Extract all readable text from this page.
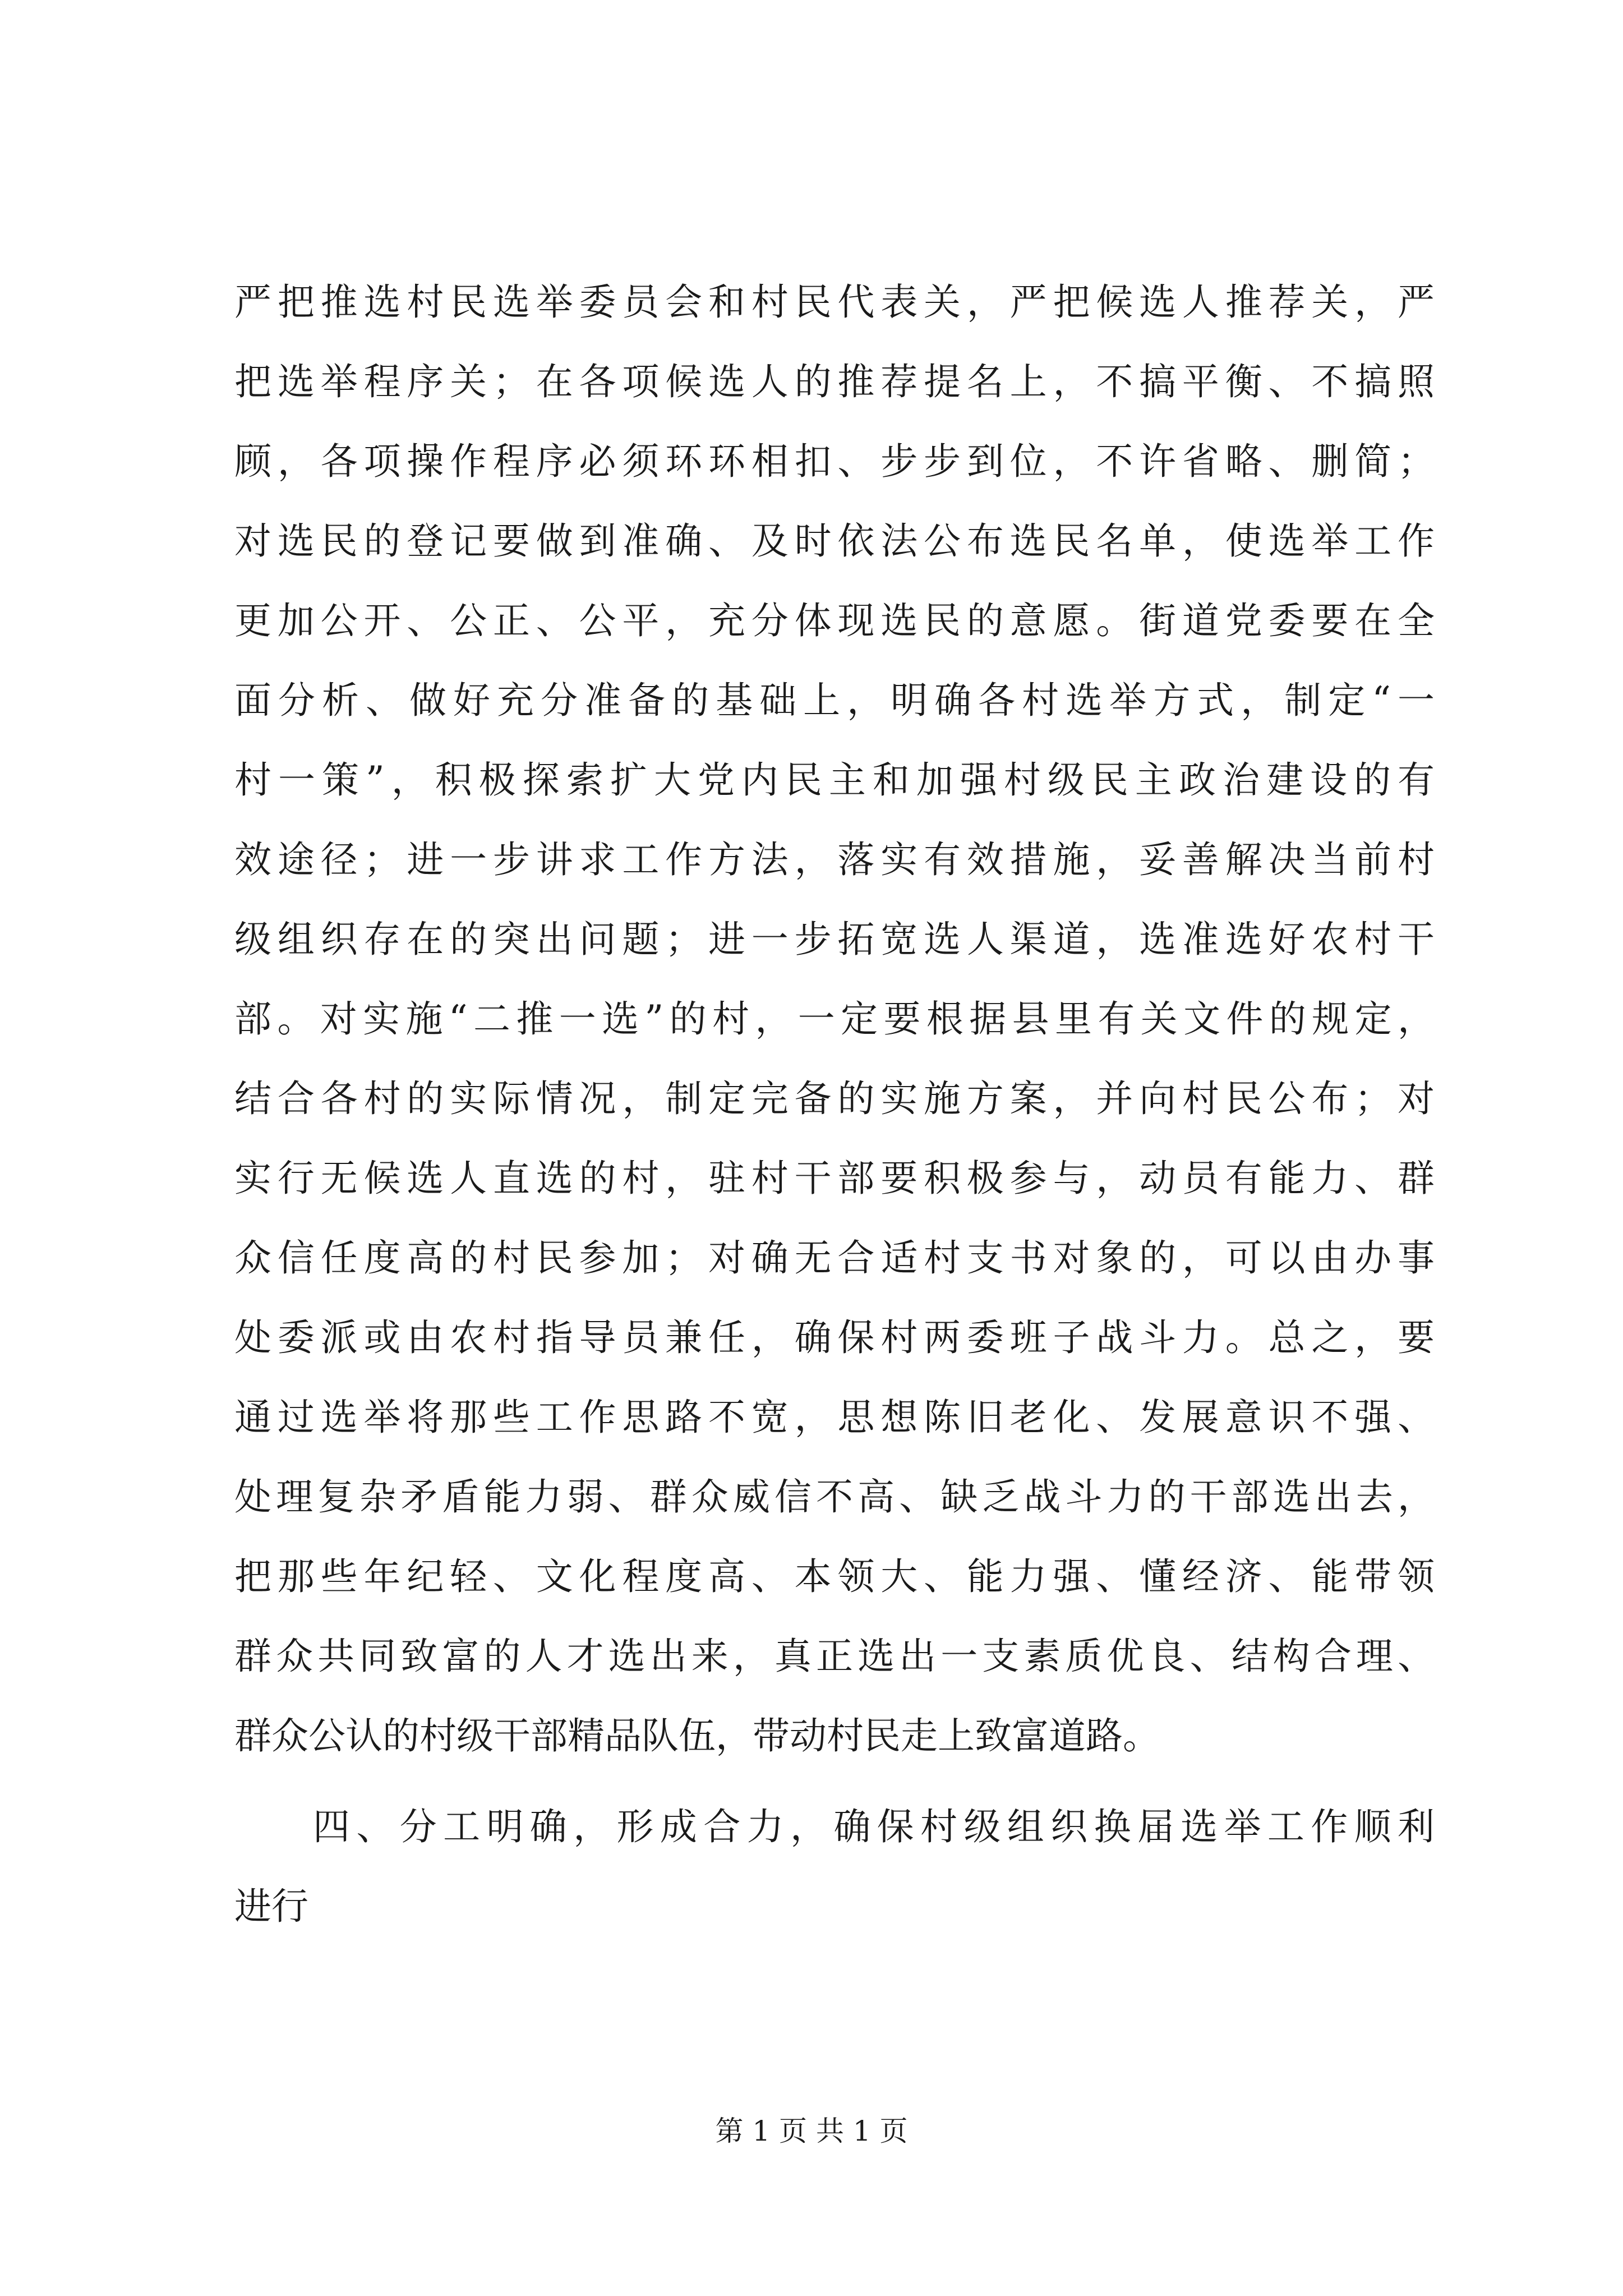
严把推选村民选举委员会和村民代表关，严把候选人推荐关，严
把选举程序关；在各项候选人的推荐提名上，不搞平衡、不搞照
顾，各项操作程序必须环环相扣、步步到位，不许省略、删简；
对选民的登记要做到准确、及时依法公布选民名单，使选举工作
更加公开、公正、公平，充分体现选民的意愿。街道党委要在全
面分析、做好充分准备的基础上，明确各村选举方式，制定“一
村一策”，积极探索扩大党内民主和加强村级民主政治建设的有
效途径；进一步讲求工作方法，落实有效措施，妥善解决当前村
级组织存在的突出问题；进一步拓宽选人渠道，选准选好农村干
部。对实施“二推一选”的村，一定要根据县里有关文件的规定，
结合各村的实际情况，制定完备的实施方案，并向村民公布；对
实行无候选人直选的村，驻村干部要积极参与，动员有能力、群
众信任度高的村民参加；对确无合适村支书对象的，可以由办事
处委派或由农村指导员兼任，确保村两委班子战斗力。总之，要
通过选举将那些工作思路不宽，思想陈旧老化、发展意识不强、
处理复杂矛盾能力弱、群众威信不高、缺乏战斗力的干部选出去，
把那些年纪轻、文化程度高、本领大、能力强、懂经济、能带领
群众共同致富的人才选出来，真正选出一支素质优良、结构合理、
群众公认的村级干部精品队伍，带动村民走上致富道路。
四、分工明确，形成合力，确保村级组织换届选举工作顺利
进行
第 1 页 共 1 页
